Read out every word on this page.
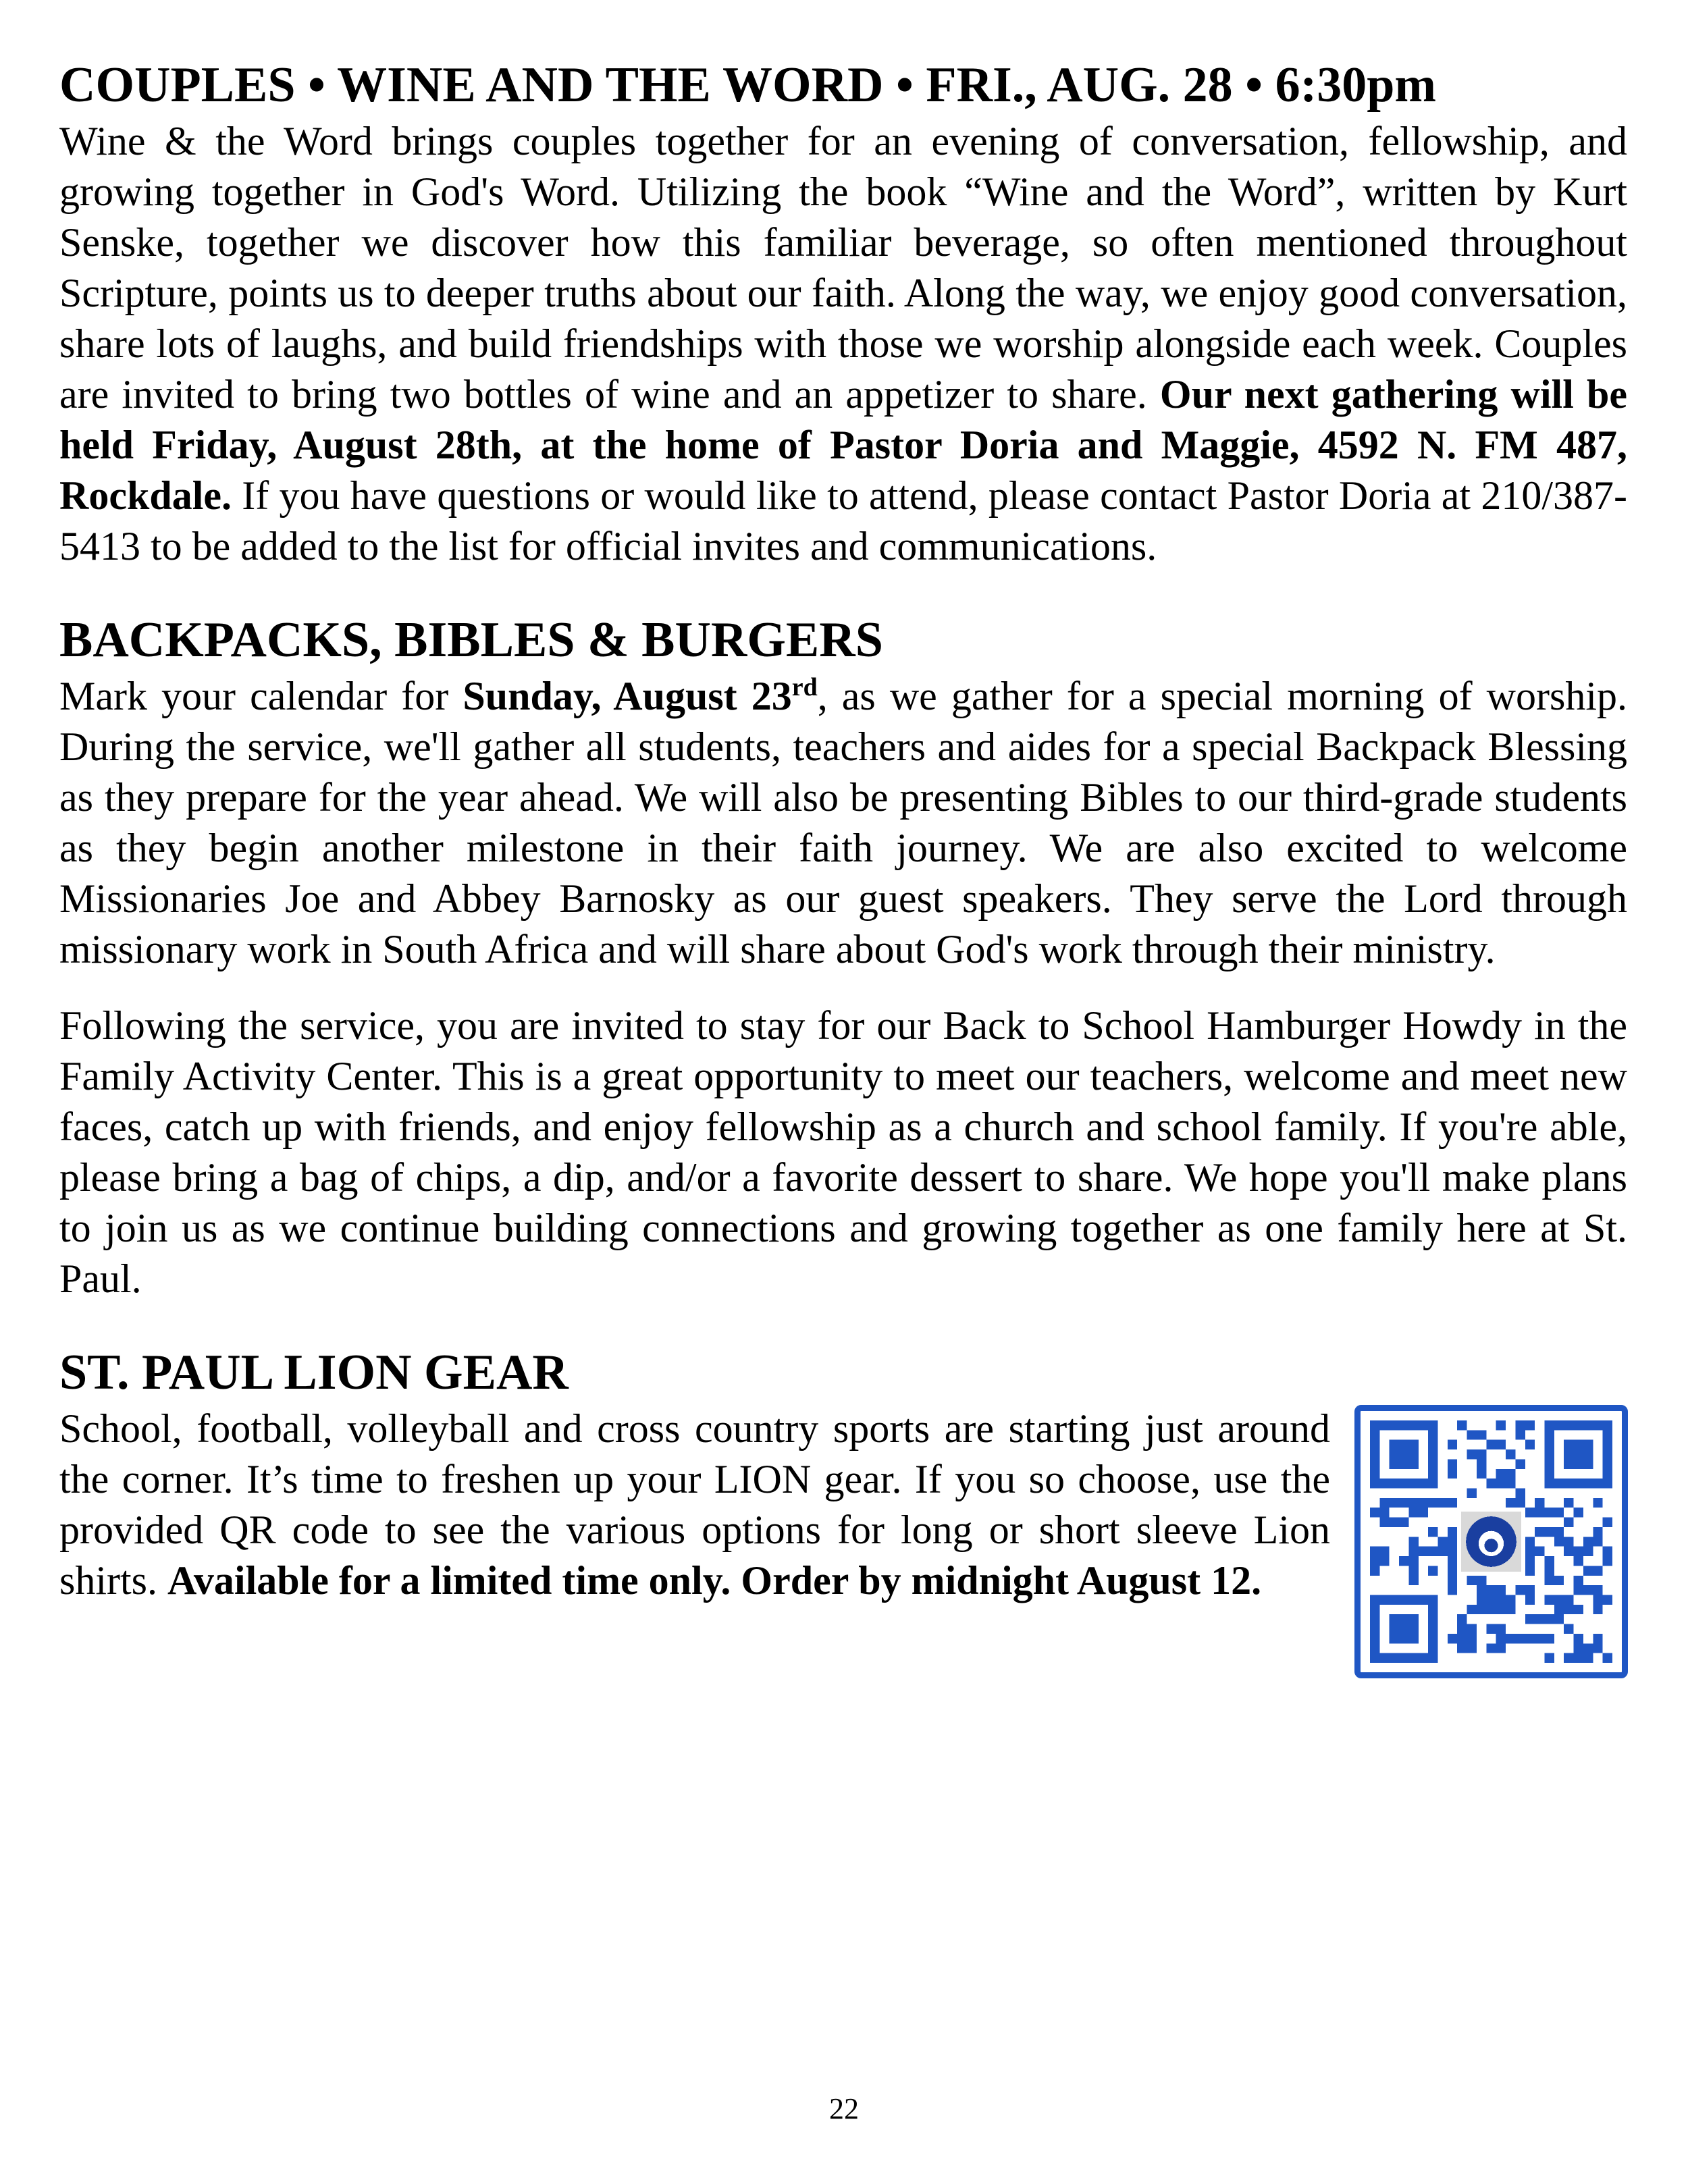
COUPLES • WINE AND THE WORD • FRI., AUG. 28 • 6:30pm

Wine & the Word brings couples together for an evening of conversation, fellowship, and growing together in God's Word. Utilizing the book “Wine and the Word”, written by Kurt Senske, together we discover how this familiar beverage, so often mentioned throughout Scripture, points us to deeper truths about our faith. Along the way, we enjoy good conversation, share lots of laughs, and build friendships with those we worship alongside each week. Couples are invited to bring two bottles of wine and an appetizer to share. Our next gathering will be held Friday, August 28th, at the home of Pastor Doria and Maggie, 4592 N. FM 487, Rockdale. If you have questions or would like to attend, please contact Pastor Doria at 210/387-5413 to be added to the list for official invites and communications.

BACKPACKS, BIBLES & BURGERS

Mark your calendar for Sunday, August 23rd, as we gather for a special morning of worship. During the service, we'll gather all students, teachers and aides for a special Backpack Blessing as they prepare for the year ahead. We will also be presenting Bibles to our third-grade students as they begin another milestone in their faith journey. We are also excited to welcome Missionaries Joe and Abbey Barnosky as our guest speakers. They serve the Lord through missionary work in South Africa and will share about God's work through their ministry.

Following the service, you are invited to stay for our Back to School Hamburger Howdy in the Family Activity Center. This is a great opportunity to meet our teachers, welcome and meet new faces, catch up with friends, and enjoy fellowship as a church and school family. If you're able, please bring a bag of chips, a dip, and/or a favorite dessert to share. We hope you'll make plans to join us as we continue building connections and growing together as one family here at St. Paul.

ST. PAUL LION GEAR

School, football, volleyball and cross country sports are starting just around the corner. It’s time to freshen up your LION gear. If you so choose, use the provided QR code to see the various options for long or short sleeve Lion shirts. Available for a limited time only. Order by midnight August 12.

22
